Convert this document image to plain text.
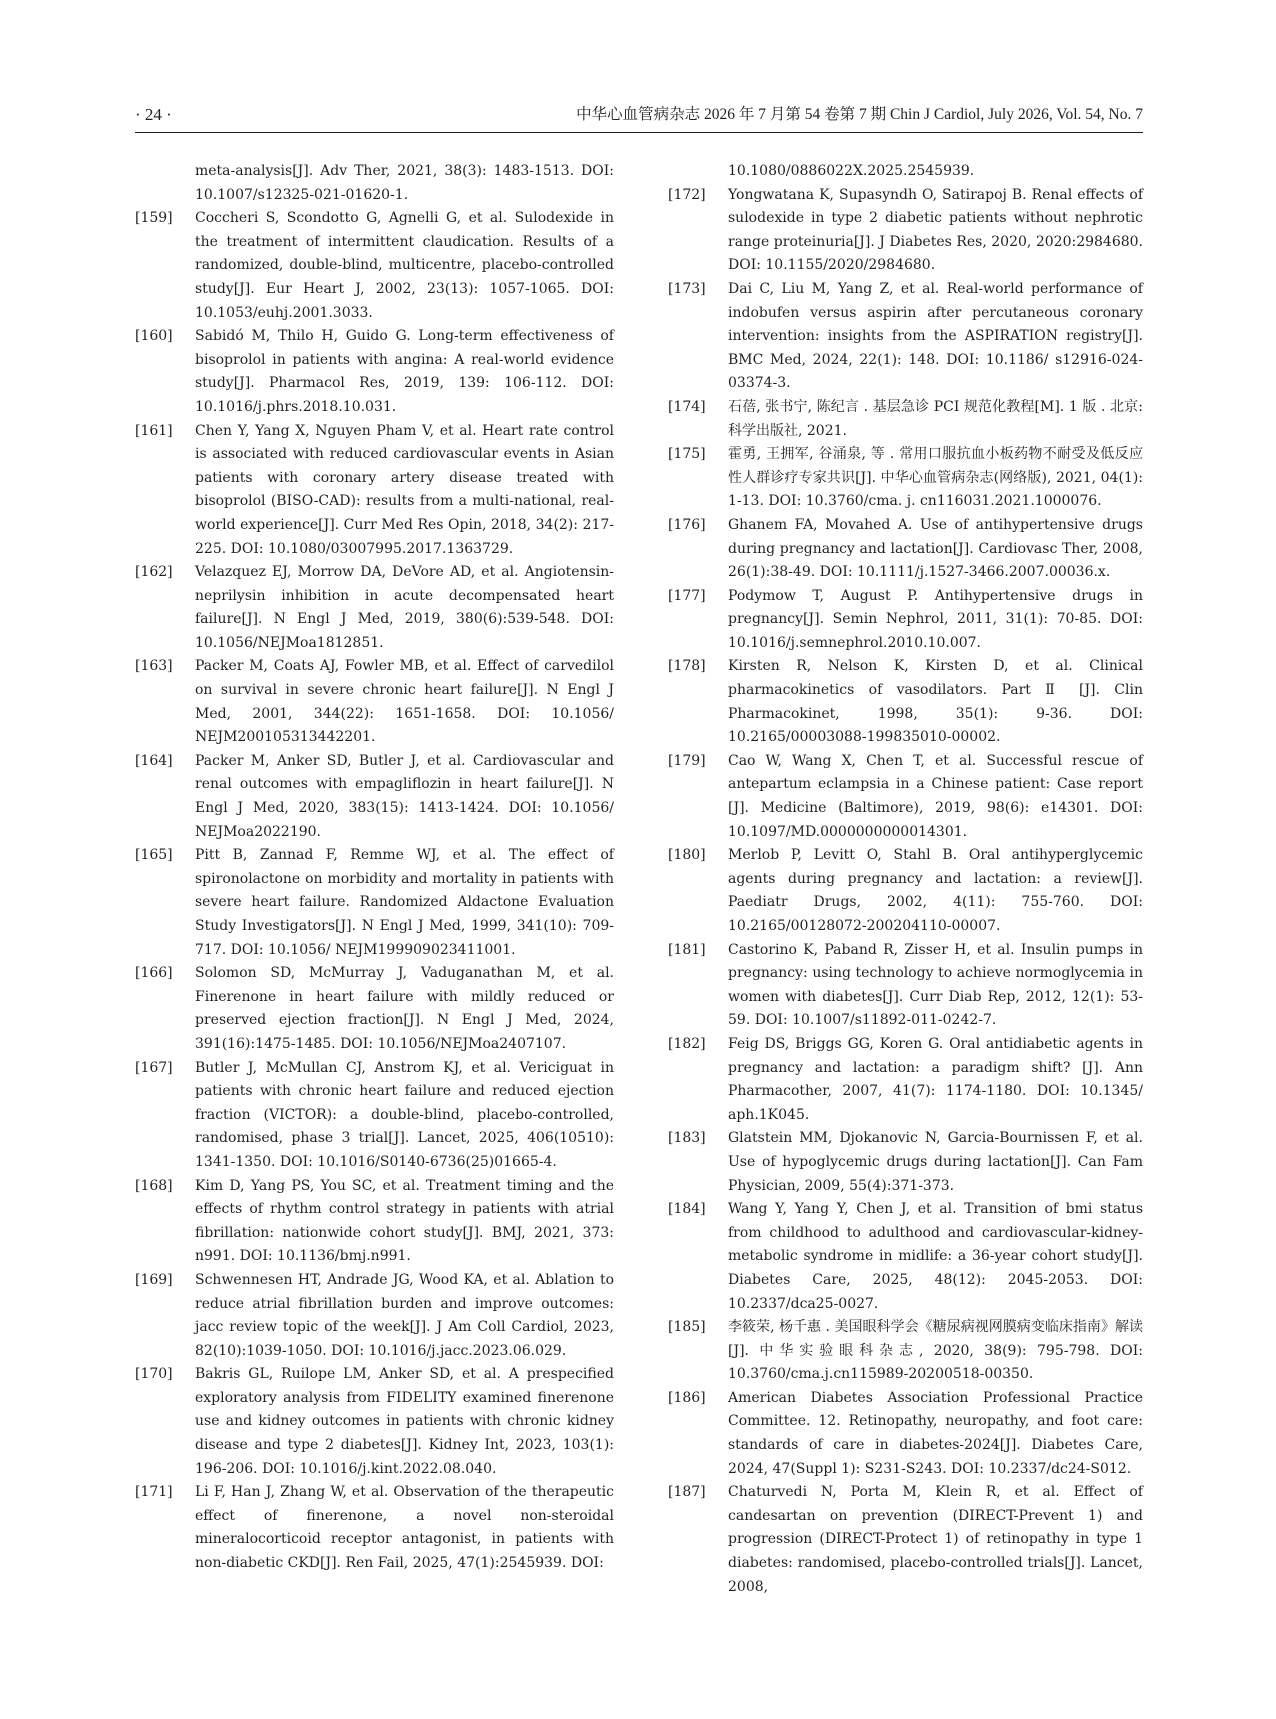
· 24 ·	中华心血管病杂志 2026 年 7 月第 54 卷第 7 期 Chin J Cardiol, July 2026, Vol. 54, No. 7
meta-analysis[J]. Adv Ther, 2021, 38(3): 1483-1513. DOI: 10.1007/s12325-021-01620-1.
[159] Coccheri S, Scondotto G, Agnelli G, et al. Sulodexide in the treatment of intermittent claudication. Results of a randomized, double-blind, multicentre, placebo-controlled study[J]. Eur Heart J, 2002, 23(13): 1057-1065. DOI: 10.1053/euhj.2001.3033.
[160] Sabidó M, Thilo H, Guido G. Long-term effectiveness of bisoprolol in patients with angina: A real-world evidence study[J]. Pharmacol Res, 2019, 139: 106-112. DOI: 10.1016/j.phrs.2018.10.031.
[161] Chen Y, Yang X, Nguyen Pham V, et al. Heart rate control is associated with reduced cardiovascular events in Asian patients with coronary artery disease treated with bisoprolol (BISO-CAD): results from a multi-national, real-world experience[J]. Curr Med Res Opin, 2018, 34(2): 217-225. DOI: 10.1080/03007995.2017.1363729.
[162] Velazquez EJ, Morrow DA, DeVore AD, et al. Angiotensin-neprilysin inhibition in acute decompensated heart failure[J]. N Engl J Med, 2019, 380(6):539-548. DOI: 10.1056/NEJMoa1812851.
[163] Packer M, Coats AJ, Fowler MB, et al. Effect of carvedilol on survival in severe chronic heart failure[J]. N Engl J Med, 2001, 344(22): 1651-1658. DOI: 10.1056/ NEJM200105313442201.
[164] Packer M, Anker SD, Butler J, et al. Cardiovascular and renal outcomes with empagliflozin in heart failure[J]. N Engl J Med, 2020, 383(15): 1413-1424. DOI: 10.1056/ NEJMoa2022190.
[165] Pitt B, Zannad F, Remme WJ, et al. The effect of spironolactone on morbidity and mortality in patients with severe heart failure. Randomized Aldactone Evaluation Study Investigators[J]. N Engl J Med, 1999, 341(10): 709-717. DOI: 10.1056/ NEJM199909023411001.
[166] Solomon SD, McMurray J, Vaduganathan M, et al. Finerenone in heart failure with mildly reduced or preserved ejection fraction[J]. N Engl J Med, 2024, 391(16):1475-1485. DOI: 10.1056/NEJMoa2407107.
[167] Butler J, McMullan CJ, Anstrom KJ, et al. Vericiguat in patients with chronic heart failure and reduced ejection fraction (VICTOR): a double-blind, placebo-controlled, randomised, phase 3 trial[J]. Lancet, 2025, 406(10510): 1341-1350. DOI: 10.1016/S0140-6736(25)01665-4.
[168] Kim D, Yang PS, You SC, et al. Treatment timing and the effects of rhythm control strategy in patients with atrial fibrillation: nationwide cohort study[J]. BMJ, 2021, 373: n991. DOI: 10.1136/bmj.n991.
[169] Schwennesen HT, Andrade JG, Wood KA, et al. Ablation to reduce atrial fibrillation burden and improve outcomes: jacc review topic of the week[J]. J Am Coll Cardiol, 2023, 82(10):1039-1050. DOI: 10.1016/j.jacc.2023.06.029.
[170] Bakris GL, Ruilope LM, Anker SD, et al. A prespecified exploratory analysis from FIDELITY examined finerenone use and kidney outcomes in patients with chronic kidney disease and type 2 diabetes[J]. Kidney Int, 2023, 103(1): 196-206. DOI: 10.1016/j.kint.2022.08.040.
[171] Li F, Han J, Zhang W, et al. Observation of the therapeutic effect of finerenone, a novel non-steroidal mineralocorticoid receptor antagonist, in patients with non-diabetic CKD[J]. Ren Fail, 2025, 47(1):2545939. DOI:
10.1080/0886022X.2025.2545939.
[172] Yongwatana K, Supasyndh O, Satirapoj B. Renal effects of sulodexide in type 2 diabetic patients without nephrotic range proteinuria[J]. J Diabetes Res, 2020, 2020:2984680. DOI: 10.1155/2020/2984680.
[173] Dai C, Liu M, Yang Z, et al. Real-world performance of indobufen versus aspirin after percutaneous coronary intervention: insights from the ASPIRATION registry[J]. BMC Med, 2024, 22(1): 148. DOI: 10.1186/ s12916-024-03374-3.
[174] 石蓓, 张书宁, 陈纪言 . 基层急诊 PCI 规范化教程[M]. 1 版 . 北京: 科学出版社, 2021.
[175] 霍勇, 王拥军, 谷涌泉, 等 . 常用口服抗血小板药物不耐受及低反应性人群诊疗专家共识[J]. 中华心血管病杂志(网络版), 2021, 04(1): 1-13. DOI: 10.3760/cma. j. cn116031.2021.1000076.
[176] Ghanem FA, Movahed A. Use of antihypertensive drugs during pregnancy and lactation[J]. Cardiovasc Ther, 2008, 26(1):38-49. DOI: 10.1111/j.1527-3466.2007.00036.x.
[177] Podymow T, August P. Antihypertensive drugs in pregnancy[J]. Semin Nephrol, 2011, 31(1): 70-85. DOI: 10.1016/j.semnephrol.2010.10.007.
[178] Kirsten R, Nelson K, Kirsten D, et al. Clinical pharmacokinetics of vasodilators. Part Ⅱ [J]. Clin Pharmacokinet, 1998, 35(1): 9-36. DOI: 10.2165/00003088-199835010-00002.
[179] Cao W, Wang X, Chen T, et al. Successful rescue of antepartum eclampsia in a Chinese patient: Case report [J]. Medicine (Baltimore), 2019, 98(6): e14301. DOI: 10.1097/MD.0000000000014301.
[180] Merlob P, Levitt O, Stahl B. Oral antihyperglycemic agents during pregnancy and lactation: a review[J]. Paediatr Drugs, 2002, 4(11): 755-760. DOI: 10.2165/00128072-200204110-00007.
[181] Castorino K, Paband R, Zisser H, et al. Insulin pumps in pregnancy: using technology to achieve normoglycemia in women with diabetes[J]. Curr Diab Rep, 2012, 12(1): 53-59. DOI: 10.1007/s11892-011-0242-7.
[182] Feig DS, Briggs GG, Koren G. Oral antidiabetic agents in pregnancy and lactation: a paradigm shift? [J]. Ann Pharmacother, 2007, 41(7): 1174-1180. DOI: 10.1345/ aph.1K045.
[183] Glatstein MM, Djokanovic N, Garcia-Bournissen F, et al. Use of hypoglycemic drugs during lactation[J]. Can Fam Physician, 2009, 55(4):371-373.
[184] Wang Y, Yang Y, Chen J, et al. Transition of bmi status from childhood to adulthood and cardiovascular-kidney-metabolic syndrome in midlife: a 36-year cohort study[J]. Diabetes Care, 2025, 48(12): 2045-2053. DOI: 10.2337/dca25-0027.
[185] 李筱荣, 杨千惠 . 美国眼科学会《糖尿病视网膜病变临床指南》解读 [J]. 中华实验眼科杂志, 2020, 38(9): 795-798. DOI: 10.3760/cma.j.cn115989-20200518-00350.
[186] American Diabetes Association Professional Practice Committee. 12. Retinopathy, neuropathy, and foot care: standards of care in diabetes-2024[J]. Diabetes Care, 2024, 47(Suppl 1): S231-S243. DOI: 10.2337/dc24-S012.
[187] Chaturvedi N, Porta M, Klein R, et al. Effect of candesartan on prevention (DIRECT-Prevent 1) and progression (DIRECT-Protect 1) of retinopathy in type 1 diabetes: randomised, placebo-controlled trials[J]. Lancet, 2008,
